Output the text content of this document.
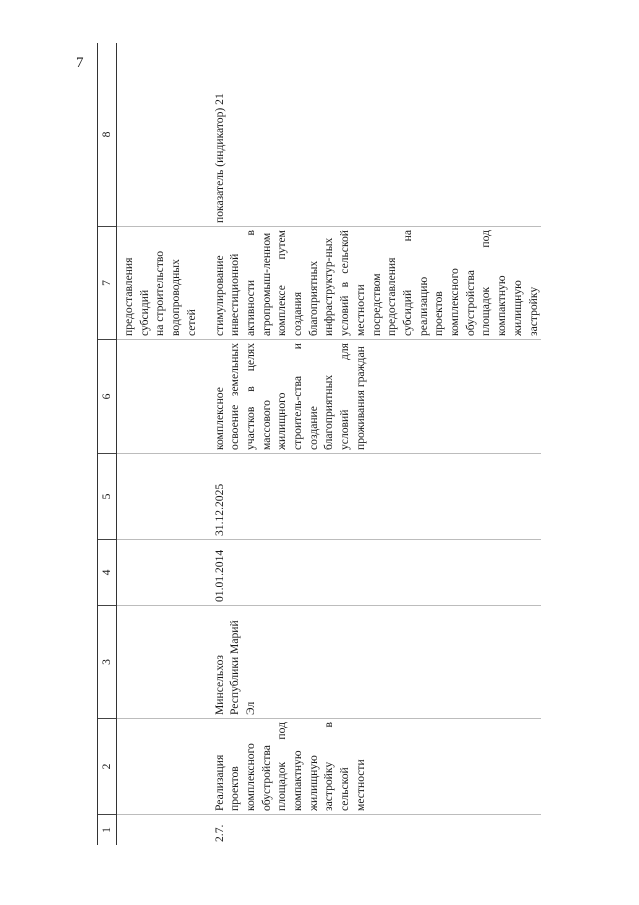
7
1	2	3	4	5	6	7	8
						предоставления
субсидий
на строительство водопроводных сетей	
2.7.	Реализация проектов комплексного обустройства площадок под компактную жилищную застройку в сельской местности	Минсельхоз Республики Марий Эл	01.01.2014	31.12.2025	комплексное освоение земельных участков в целях массового жилищного строитель-ства и создание благоприятных условий для проживания граждан	стимулирование инвестиционной активности в агропромыш-ленном комплексе путем создания благоприятных инфраструктур-ных условий в сельской местности посредством предоставления субсидий на реализацию проектов комплексного обустройства площадок под компактную жилищную застройку	показатель (индикатор) 21
